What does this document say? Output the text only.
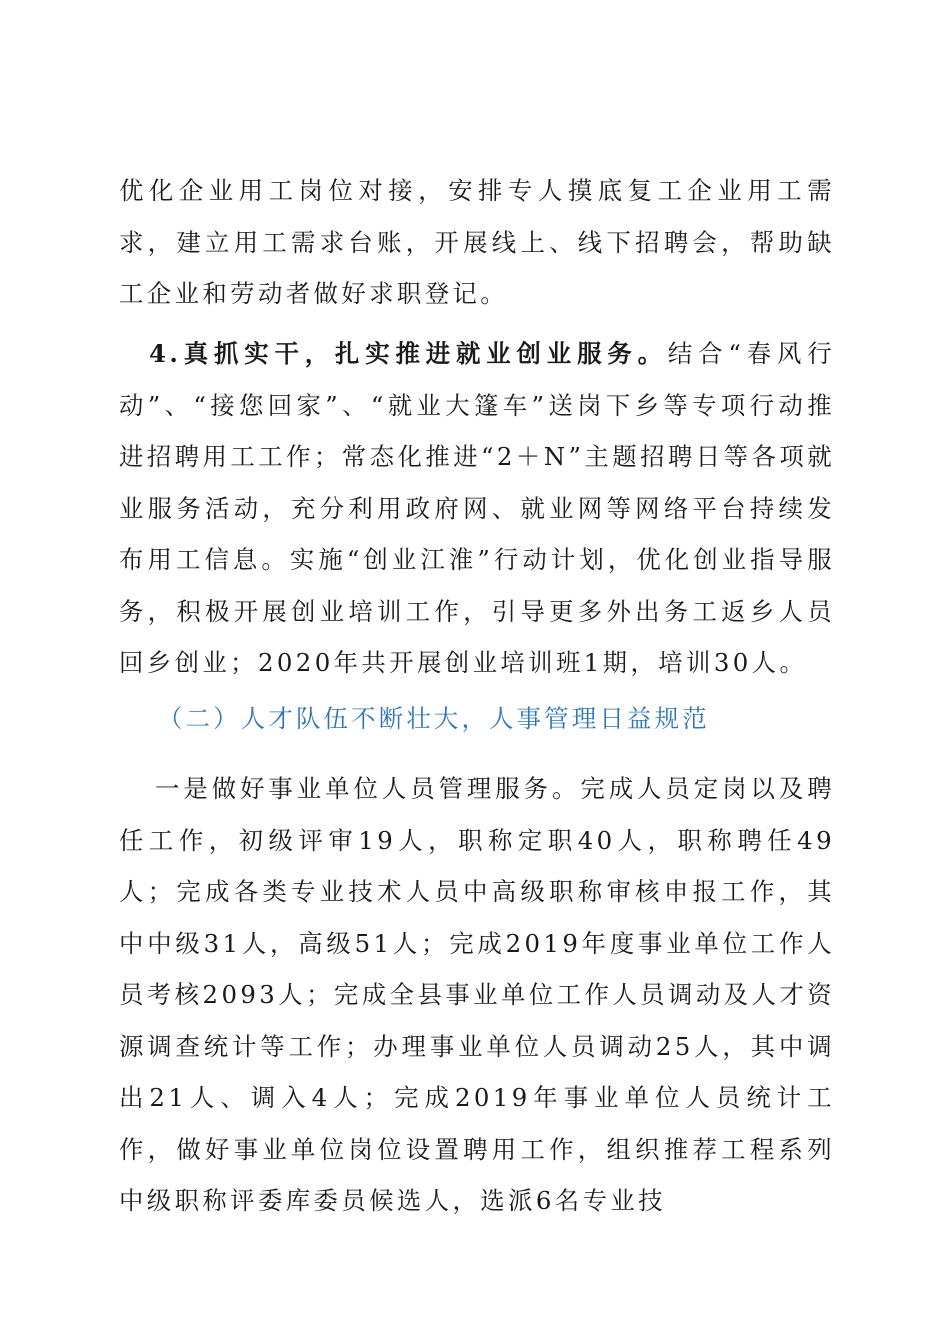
优化企业用工岗位对接，安排专人摸底复工企业用工需求，建立用工需求台账，开展线上、线下招聘会，帮助缺工企业和劳动者做好求职登记。

4.真抓实干，扎实推进就业创业服务。结合“春风行动”、“接您回家”、“就业大篷车”送岗下乡等专项行动推进招聘用工工作；常态化推进“2＋N”主题招聘日等各项就业服务活动，充分利用政府网、就业网等网络平台持续发布用工信息。实施“创业江淮”行动计划，优化创业指导服务，积极开展创业培训工作，引导更多外出务工返乡人员回乡创业；2020年共开展创业培训班1期，培训30人。

（二）人才队伍不断壮大，人事管理日益规范

一是做好事业单位人员管理服务。完成人员定岗以及聘任工作，初级评审19人，职称定职40人，职称聘任49人；完成各类专业技术人员中高级职称审核申报工作，其中中级31人，高级51人；完成2019年度事业单位工作人员考核2093人；完成全县事业单位工作人员调动及人才资源调查统计等工作；办理事业单位人员调动25人，其中调出21人、调入4人；完成2019年事业单位人员统计工作，做好事业单位岗位设置聘用工作，组织推荐工程系列中级职称评委库委员候选人，选派6名专业技
